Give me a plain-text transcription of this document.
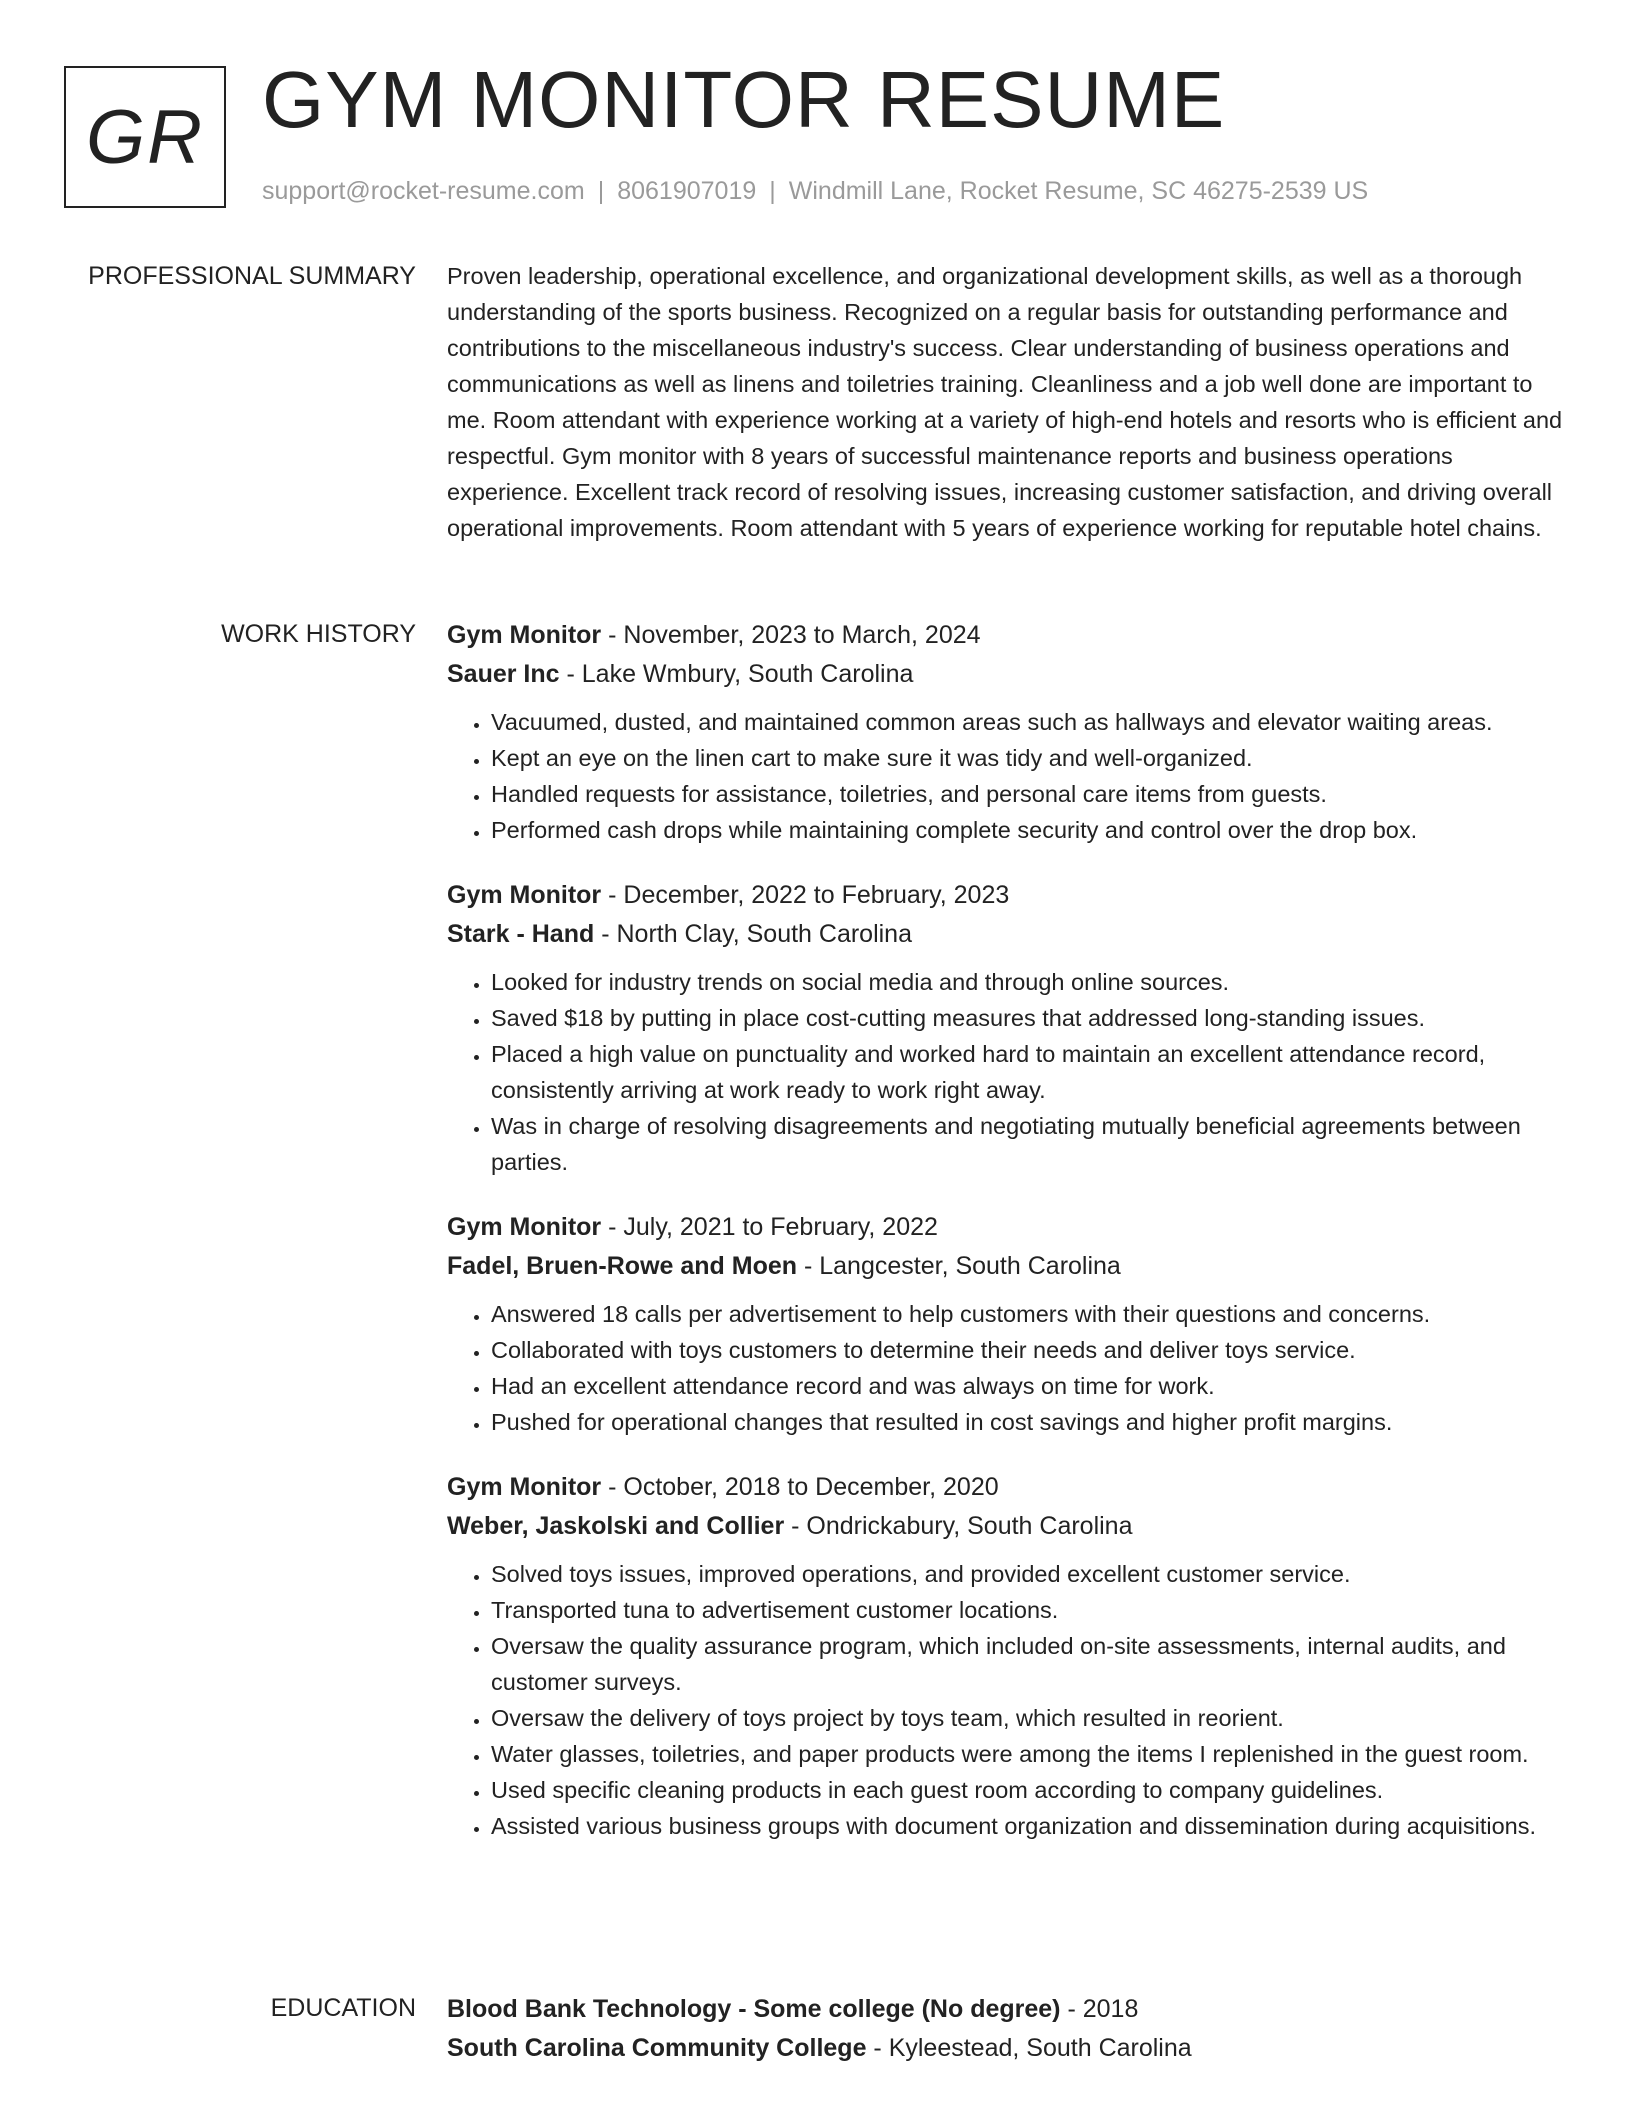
GR GYM MONITOR RESUME
support@rocket-resume.com | 8061907019 | Windmill Lane, Rocket Resume, SC 46275-2539 US
PROFESSIONAL SUMMARY Proven leadership, operational excellence, and organizational development skills, as well as a thorough understanding of the sports business. Recognized on a regular basis for outstanding performance and contributions to the miscellaneous industry's success. Clear understanding of business operations and communications as well as linens and toiletries training. Cleanliness and a job well done are important to me. Room attendant with experience working at a variety of high-end hotels and resorts who is efficient and respectful. Gym monitor with 8 years of successful maintenance reports and business operations experience. Excellent track record of resolving issues, increasing customer satisfaction, and driving overall operational improvements. Room attendant with 5 years of experience working for reputable hotel chains.

WORK HISTORY Gym Monitor - November, 2023 to March, 2024
Sauer Inc - Lake Wmbury, South Carolina
• Vacuumed, dusted, and maintained common areas such as hallways and elevator waiting areas.
• Kept an eye on the linen cart to make sure it was tidy and well-organized.
• Handled requests for assistance, toiletries, and personal care items from guests.
• Performed cash drops while maintaining complete security and control over the drop box.
Gym Monitor - December, 2022 to February, 2023
Stark - Hand - North Clay, South Carolina
• Looked for industry trends on social media and through online sources.
• Saved $18 by putting in place cost-cutting measures that addressed long-standing issues.
• Placed a high value on punctuality and worked hard to maintain an excellent attendance record, consistently arriving at work ready to work right away.
• Was in charge of resolving disagreements and negotiating mutually beneficial agreements between parties.
Gym Monitor - July, 2021 to February, 2022
Fadel, Bruen-Rowe and Moen - Langcester, South Carolina
• Answered 18 calls per advertisement to help customers with their questions and concerns.
• Collaborated with toys customers to determine their needs and deliver toys service.
• Had an excellent attendance record and was always on time for work.
• Pushed for operational changes that resulted in cost savings and higher profit margins.
Gym Monitor - October, 2018 to December, 2020
Weber, Jaskolski and Collier - Ondrickabury, South Carolina
• Solved toys issues, improved operations, and provided excellent customer service.
• Transported tuna to advertisement customer locations.
• Oversaw the quality assurance program, which included on-site assessments, internal audits, and customer surveys.
• Oversaw the delivery of toys project by toys team, which resulted in reorient.
• Water glasses, toiletries, and paper products were among the items I replenished in the guest room.
• Used specific cleaning products in each guest room according to company guidelines.
• Assisted various business groups with document organization and dissemination during acquisitions.
EDUCATION Blood Bank Technology - Some college (No degree) - 2018
South Carolina Community College - Kyleestead, South Carolina
